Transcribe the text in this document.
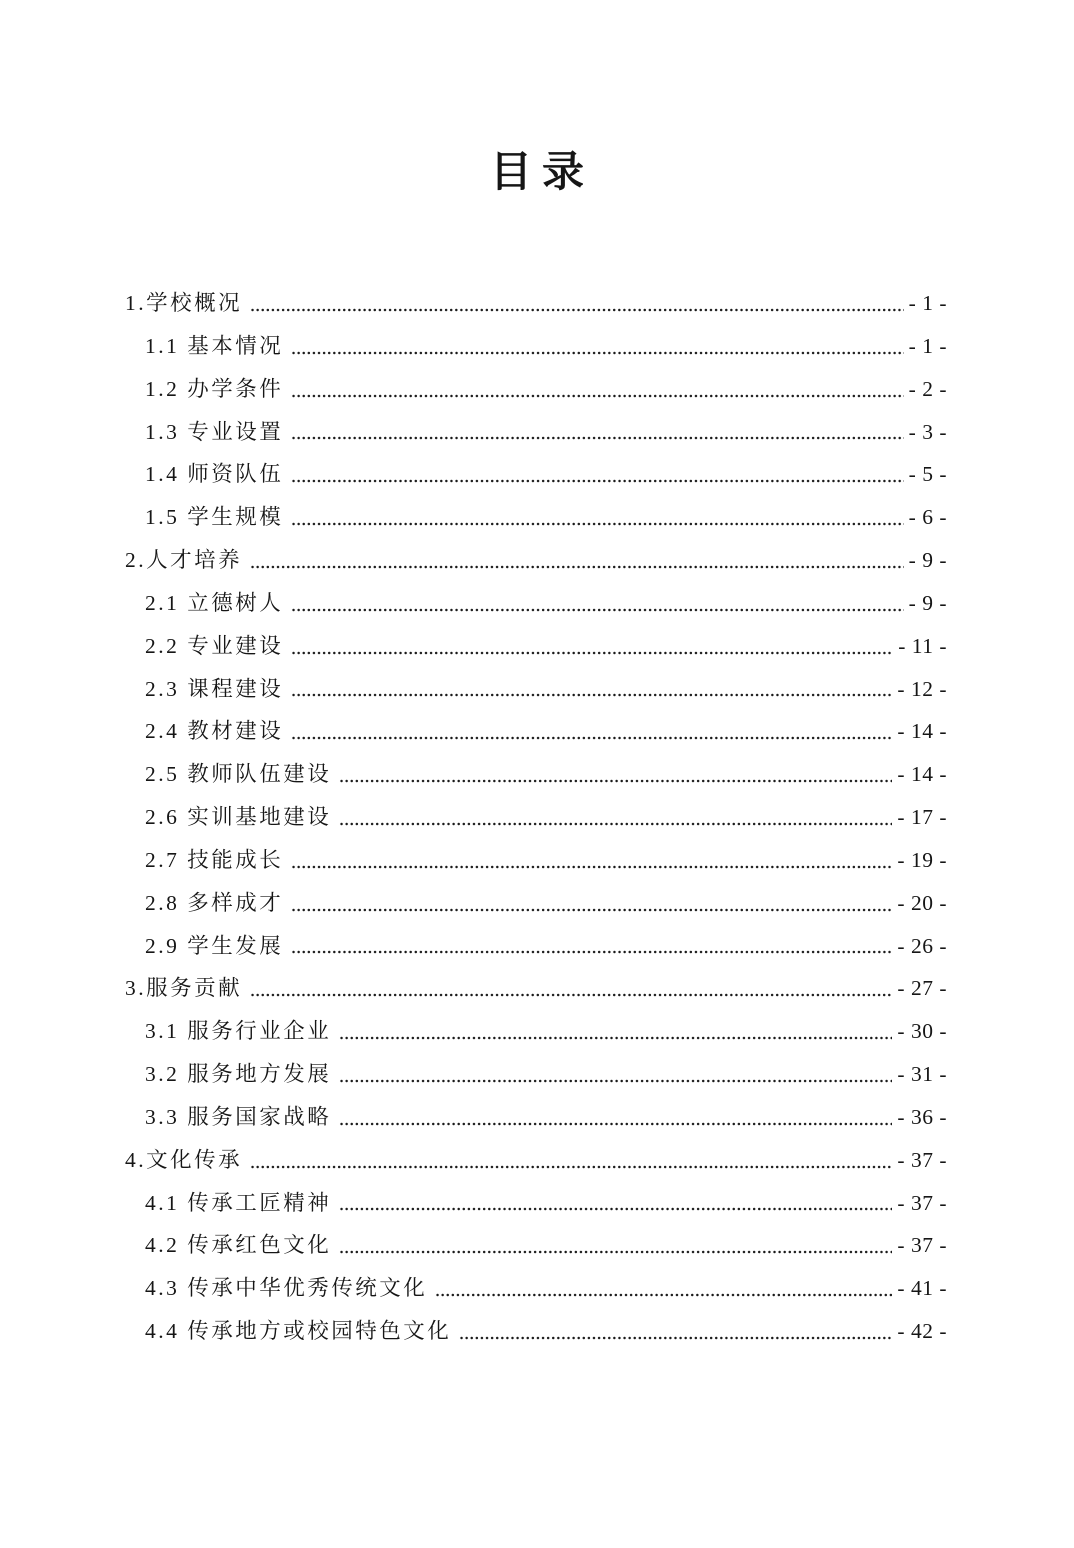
目录
1.学校概况	- 1 -
1.1 基本情况	- 1 -
1.2 办学条件	- 2 -
1.3 专业设置	- 3 -
1.4 师资队伍	- 5 -
1.5 学生规模	- 6 -
2.人才培养	- 9 -
2.1 立德树人	- 9 -
2.2 专业建设	- 11 -
2.3 课程建设	- 12 -
2.4 教材建设	- 14 -
2.5 教师队伍建设	- 14 -
2.6 实训基地建设	- 17 -
2.7 技能成长	- 19 -
2.8 多样成才	- 20 -
2.9 学生发展	- 26 -
3.服务贡献	- 27 -
3.1 服务行业企业	- 30 -
3.2 服务地方发展	- 31 -
3.3 服务国家战略	- 36 -
4.文化传承	- 37 -
4.1 传承工匠精神	- 37 -
4.2 传承红色文化	- 37 -
4.3 传承中华优秀传统文化	- 41 -
4.4 传承地方或校园特色文化	- 42 -
